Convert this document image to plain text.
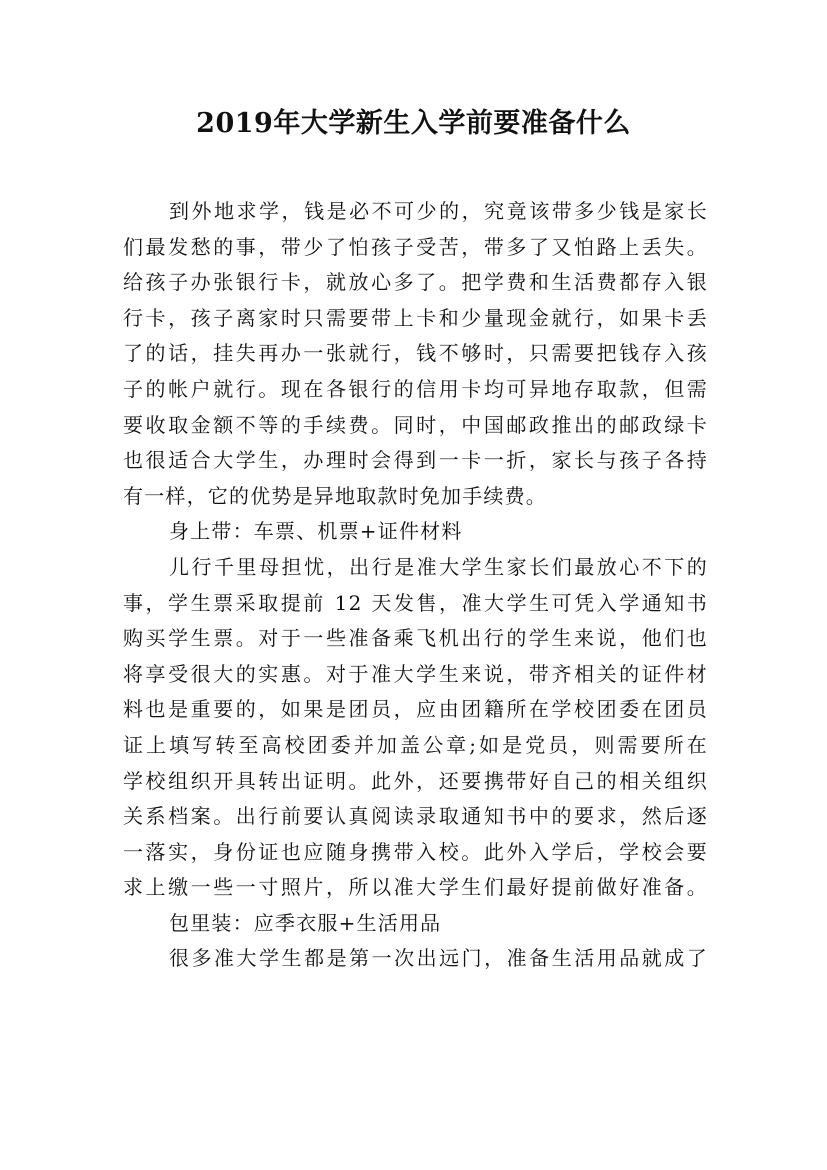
2019年大学新生入学前要准备什么
到外地求学，钱是必不可少的，究竟该带多少钱是家长
们最发愁的事，带少了怕孩子受苦，带多了又怕路上丢失。
给孩子办张银行卡，就放心多了。把学费和生活费都存入银
行卡，孩子离家时只需要带上卡和少量现金就行，如果卡丢
了的话，挂失再办一张就行，钱不够时，只需要把钱存入孩
子的帐户就行。现在各银行的信用卡均可异地存取款，但需
要收取金额不等的手续费。同时，中国邮政推出的邮政绿卡
也很适合大学生，办理时会得到一卡一折，家长与孩子各持
有一样，它的优势是异地取款时免加手续费。
身上带：车票、机票+证件材料
儿行千里母担忧，出行是准大学生家长们最放心不下的
事，学生票采取提前 12 天发售，准大学生可凭入学通知书
购买学生票。对于一些准备乘飞机出行的学生来说，他们也
将享受很大的实惠。对于准大学生来说，带齐相关的证件材
料也是重要的，如果是团员，应由团籍所在学校团委在团员
证上填写转至高校团委并加盖公章;如是党员，则需要所在
学校组织开具转出证明。此外，还要携带好自己的相关组织
关系档案。出行前要认真阅读录取通知书中的要求，然后逐
一落实，身份证也应随身携带入校。此外入学后，学校会要
求上缴一些一寸照片，所以准大学生们最好提前做好准备。
包里装：应季衣服+生活用品
很多准大学生都是第一次出远门，准备生活用品就成了
